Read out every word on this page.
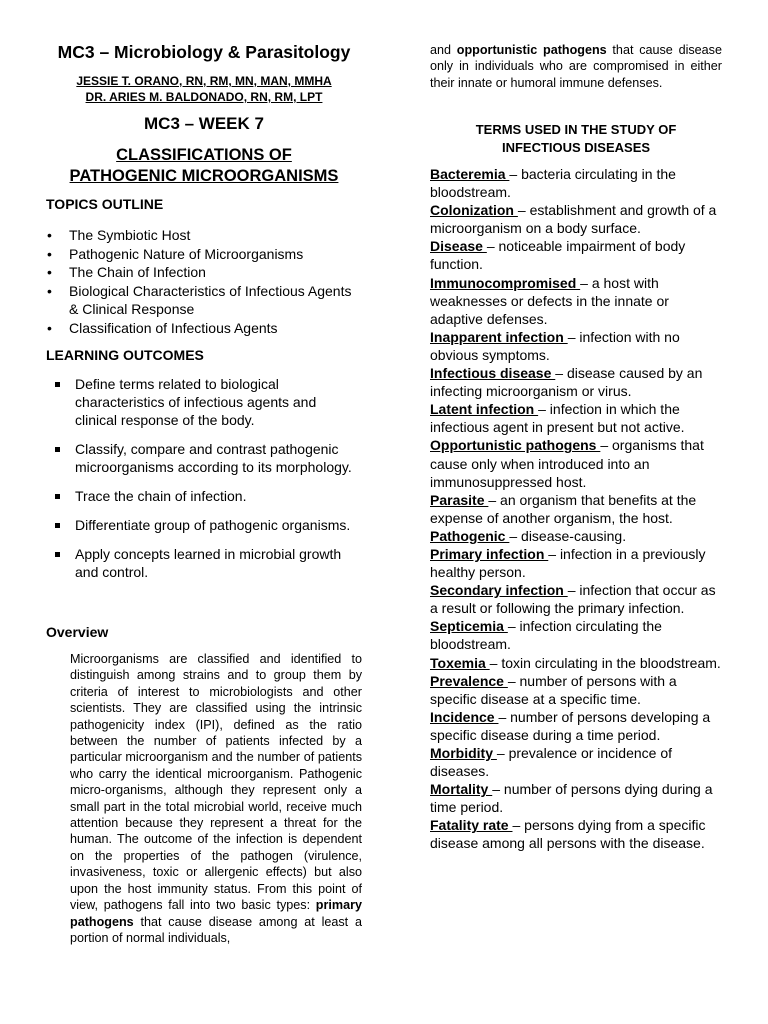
MC3 – Microbiology & Parasitology
JESSIE T. ORANO, RN, RM, MN, MAN, MMHA
DR. ARIES M. BALDONADO, RN, RM, LPT
MC3 – WEEK 7
CLASSIFICATIONS OF
PATHOGENIC MICROORGANISMS
TOPICS OUTLINE
• The Symbiotic Host
• Pathogenic Nature of Microorganisms
• The Chain of Infection
• Biological Characteristics of Infectious Agents & Clinical Response
• Classification of Infectious Agents
LEARNING OUTCOMES
Define terms related to biological characteristics of infectious agents and clinical response of the body.
Classify, compare and contrast pathogenic microorganisms according to its morphology.
Trace the chain of infection.
Differentiate group of pathogenic organisms.
Apply concepts learned in microbial growth and control.
Overview
Microorganisms are classified and identified to distinguish among strains and to group them by criteria of interest to microbiologists and other scientists. They are classified using the intrinsic pathogenicity index (IPI), defined as the ratio between the number of patients infected by a particular microorganism and the number of patients who carry the identical microorganism. Pathogenic micro-organisms, although they represent only a small part in the total microbial world, receive much attention because they represent a threat for the human. The outcome of the infection is dependent on the properties of the pathogen (virulence, invasiveness, toxic or allergenic effects) but also upon the host immunity status. From this point of view, pathogens fall into two basic types: primary pathogens that cause disease among at least a portion of normal individuals,
and opportunistic pathogens that cause disease only in individuals who are compromised in either their innate or humoral immune defenses.
TERMS USED IN THE STUDY OF
INFECTIOUS DISEASES
Bacteremia – bacteria circulating in the bloodstream.
Colonization – establishment and growth of a microorganism on a body surface.
Disease – noticeable impairment of body function.
Immunocompromised – a host with weaknesses or defects in the innate or adaptive defenses.
Inapparent infection – infection with no obvious symptoms.
Infectious disease – disease caused by an infecting microorganism or virus.
Latent infection – infection in which the infectious agent in present but not active.
Opportunistic pathogens – organisms that cause only when introduced into an immunosuppressed host.
Parasite – an organism that benefits at the expense of another organism, the host.
Pathogenic – disease-causing.
Primary infection – infection in a previously healthy person.
Secondary infection – infection that occur as a result or following the primary infection.
Septicemia – infection circulating the bloodstream.
Toxemia – toxin circulating in the bloodstream.
Prevalence – number of persons with a specific disease at a specific time.
Incidence – number of persons developing a specific disease during a time period.
Morbidity – prevalence or incidence of diseases.
Mortality – number of persons dying during a time period.
Fatality rate – persons dying from a specific disease among all persons with the disease.
